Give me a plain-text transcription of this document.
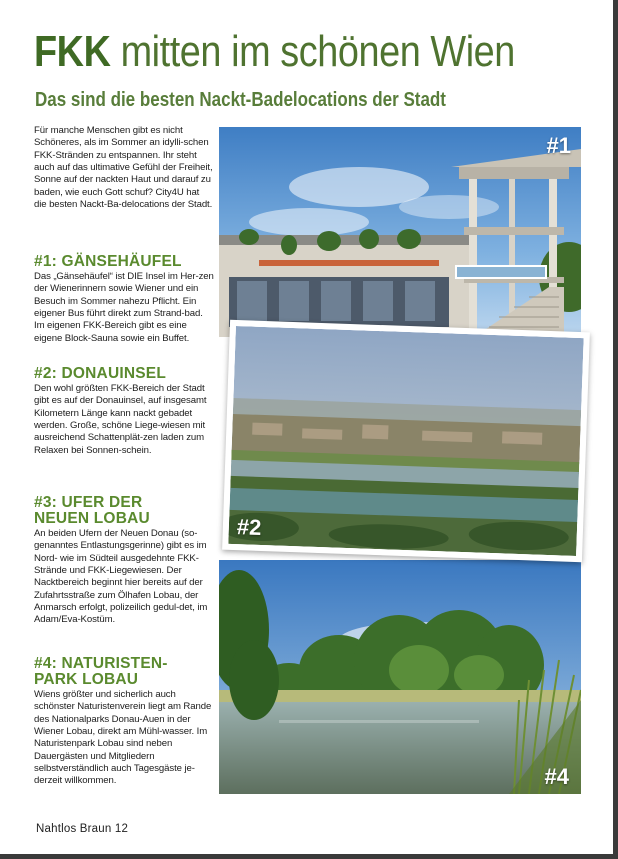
FKK mitten im schönen Wien
Das sind die besten Nackt-Badelocations der Stadt

Für manche Menschen gibt es nicht Schöneres, als im Sommer an idylli-schen FKK-Stränden zu entspannen. Ihr steht auch auf das ultimative Gefühl der Freiheit, Sonne auf der nackten Haut und darauf zu baden, wie euch Gott schuf? City4U hat die besten Nackt-Ba-delocations der Stadt.

#1: GÄNSEHÄUFEL

Das „Gänsehäufel“ ist DIE Insel im Her-zen der Wienerinnern sowie Wiener und ein Besuch im Sommer nahezu Pflicht. Ein eigener Bus führt direkt zum Strand-bad. Im eigenen FKK-Bereich gibt es eine eigene Block-Sauna sowie ein Buffet.

#2: DONAUINSEL

Den wohl größten FKK-Bereich der Stadt gibt es auf der Donauinsel, auf insgesamt Kilometern Länge kann nackt gebadet werden. Große, schöne Liege-wiesen mit ausreichend Schattenplät-zen laden zum Relaxen bei Sonnen-schein.

#3: UFER DER
NEUEN LOBAU

An beiden Ufern der Neuen Donau (so-genanntes Entlastungsgerinne) gibt es im Nord- wie im Südteil ausgedehnte FKK-Strände und FKK-Liegewiesen. Der Nacktbereich beginnt hier bereits auf der Zufahrtsstraße zum Ölhafen Lobau, der Anmarsch erfolgt, polizeilich gedul-det, im Adam/Eva-Kostüm.

#4: NATURISTEN-
PARK LOBAU

Wiens größter und sicherlich auch schönster Naturistenverein liegt am Rande des Nationalparks Donau-Auen in der Wiener Lobau, direkt am Mühl-wasser. Im Naturistenpark Lobau sind neben Dauergästen und Mitgliedern selbstverständlich auch Tagesgäste je-derzeit willkommen.

Nahtlos Braun 12
#1
#4
#2
